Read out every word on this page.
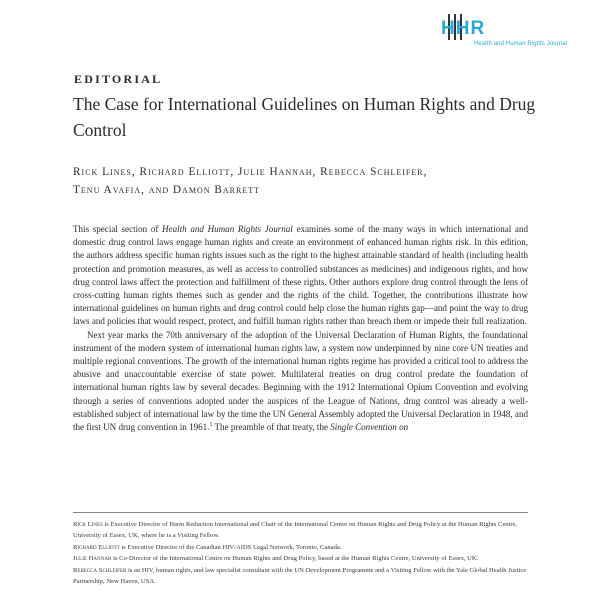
HHR
Health and Human Rights Journal
EDITORIAL
The Case for International Guidelines on Human Rights and Drug Control
Rick Lines, Richard Elliott, Julie Hannah, Rebecca Schleifer,
Tenu Avafia, and Damon Barrett

This special section of Health and Human Rights Journal examines some of the many ways in which international and domestic drug control laws engage human rights and create an environment of enhanced human rights risk. In this edition, the authors address specific human rights issues such as the right to the highest attainable standard of health (including health protection and promotion measures, as well as access to controlled substances as medicines) and indigenous rights, and how drug control laws affect the protection and fulfillment of these rights. Other authors explore drug control through the lens of cross-cutting human rights themes such as gender and the rights of the child. Together, the contributions illustrate how international guidelines on human rights and drug control could help close the human rights gap—and point the way to drug laws and policies that would respect, protect, and fulfill human rights rather than breach them or impede their full realization.

Next year marks the 70th anniversary of the adoption of the Universal Declaration of Human Rights, the foundational instrument of the modern system of international human rights law, a system now underpinned by nine core UN treaties and multiple regional conventions. The growth of the international human rights regime has provided a critical tool to address the abusive and unaccountable exercise of state power. Multilateral treaties on drug control predate the foundation of international human rights law by several decades. Beginning with the 1912 International Opium Convention and evolving through a series of conventions adopted under the auspices of the League of Nations, drug control was already a well-established subject of international law by the time the UN General Assembly adopted the Universal Declaration in 1948, and the first UN drug convention in 1961.$^1$ The preamble of that treaty, the Single Convention on

Rick Lines is Executive Director of Harm Reduction International and Chair of the International Centre on Human Rights and Drug Policy at the Human Rights Centre, University of Essex, UK, where he is a Visiting Fellow.

Richard Elliott is Executive Director of the Canadian HIV/AIDS Legal Network, Toronto, Canada.

Julie Hannah is Co-Director of the International Centre on Human Rights and Drug Policy, based at the Human Rights Centre, University of Essex, UK.

Rebecca Schleifer is an HIV, human rights, and law specialist consultant with the UN Development Programme and a Visiting Fellow with the Yale Global Health Justice Partnership, New Haven, USA.
